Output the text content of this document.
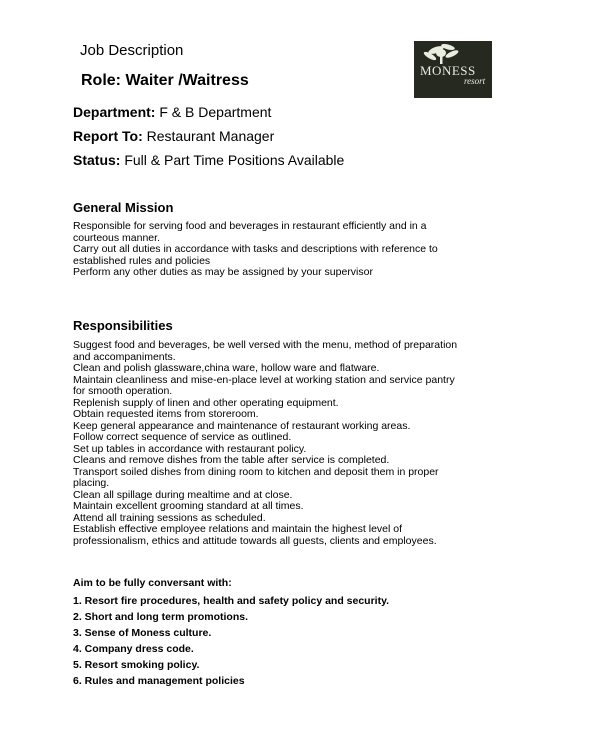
Job Description
Role: Waiter /Waitress
MONESS
resort
Department: F & B Department
Report To: Restaurant Manager
Status: Full & Part Time Positions Available
General Mission
Responsible for serving food and beverages in restaurant efficiently and in a
courteous manner.
Carry out all duties in accordance with tasks and descriptions with reference to
established rules and policies
Perform any other duties as may be assigned by your supervisor
Responsibilities
Suggest food and beverages, be well versed with the menu, method of preparation
and accompaniments.
Clean and polish glassware,china ware, hollow ware and flatware.
Maintain cleanliness and mise-en-place level at working station and service pantry
for smooth operation.
Replenish supply of linen and other operating equipment.
Obtain requested items from storeroom.
Keep general appearance and maintenance of restaurant working areas.
Follow correct sequence of service as outlined.
Set up tables in accordance with restaurant policy.
Cleans and remove dishes from the table after service is completed.
Transport soiled dishes from dining room to kitchen and deposit them in proper
placing.
Clean all spillage during mealtime and at close.
Maintain excellent grooming standard at all times.
Attend all training sessions as scheduled.
Establish effective employee relations and maintain the highest level of
professionalism, ethics and attitude towards all guests, clients and employees.
Aim to be fully conversant with:
1. Resort fire procedures, health and safety policy and security.
2. Short and long term promotions.
3. Sense of Moness culture.
4. Company dress code.
5. Resort smoking policy.
6. Rules and management policies
